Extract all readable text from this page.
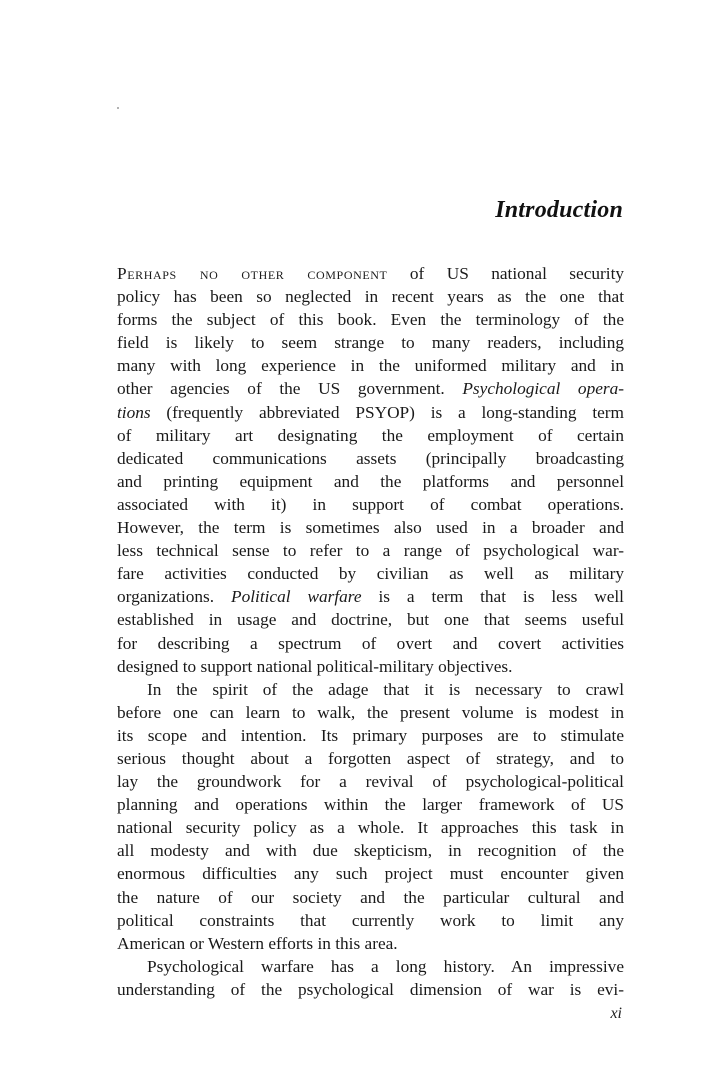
Introduction
Perhaps no other component of US national security
policy has been so neglected in recent years as the one that
forms the subject of this book. Even the terminology of the
field is likely to seem strange to many readers, including
many with long experience in the uniformed military and in
other agencies of the US government. Psychological opera-
tions (frequently abbreviated PSYOP) is a long-standing term
of military art designating the employment of certain
dedicated communications assets (principally broadcasting
and printing equipment and the platforms and personnel
associated with it) in support of combat operations.
However, the term is sometimes also used in a broader and
less technical sense to refer to a range of psychological war-
fare activities conducted by civilian as well as military
organizations. Political warfare is a term that is less well
established in usage and doctrine, but one that seems useful
for describing a spectrum of overt and covert activities
designed to support national political-military objectives.
In the spirit of the adage that it is necessary to crawl
before one can learn to walk, the present volume is modest in
its scope and intention. Its primary purposes are to stimulate
serious thought about a forgotten aspect of strategy, and to
lay the groundwork for a revival of psychological-political
planning and operations within the larger framework of US
national security policy as a whole. It approaches this task in
all modesty and with due skepticism, in recognition of the
enormous difficulties any such project must encounter given
the nature of our society and the particular cultural and
political constraints that currently work to limit any
American or Western efforts in this area.
Psychological warfare has a long history. An impressive
understanding of the psychological dimension of war is evi-
xi
